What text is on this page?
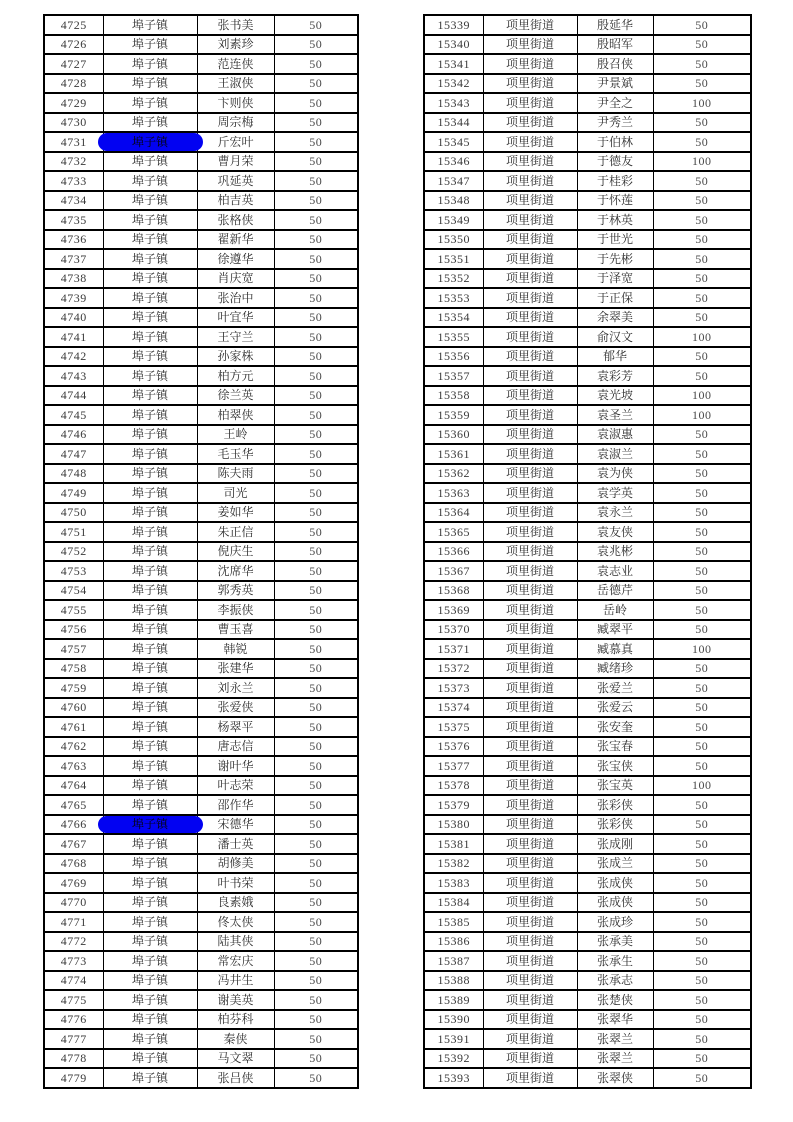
4725	埠子镇	张书美	50
4726	埠子镇	刘素珍	50
4727	埠子镇	范连侠	50
4728	埠子镇	王淑侠	50
4729	埠子镇	卞则侠	50
4730	埠子镇	周宗梅	50
4731	埠子镇	斤宏叶	50
4732	埠子镇	曹月荣	50
4733	埠子镇	巩延英	50
4734	埠子镇	柏吉英	50
4735	埠子镇	张格侠	50
4736	埠子镇	翟新华	50
4737	埠子镇	徐遵华	50
4738	埠子镇	肖庆宽	50
4739	埠子镇	张治中	50
4740	埠子镇	叶宜华	50
4741	埠子镇	王守兰	50
4742	埠子镇	孙家株	50
4743	埠子镇	柏方元	50
4744	埠子镇	徐兰英	50
4745	埠子镇	柏翠侠	50
4746	埠子镇	王岭	50
4747	埠子镇	毛玉华	50
4748	埠子镇	陈夫雨	50
4749	埠子镇	司光	50
4750	埠子镇	姜如华	50
4751	埠子镇	朱正信	50
4752	埠子镇	倪庆生	50
4753	埠子镇	沈席华	50
4754	埠子镇	郭秀英	50
4755	埠子镇	李振侠	50
4756	埠子镇	曹玉喜	50
4757	埠子镇	韩锐	50
4758	埠子镇	张建华	50
4759	埠子镇	刘永兰	50
4760	埠子镇	张爱侠	50
4761	埠子镇	杨翠平	50
4762	埠子镇	唐志信	50
4763	埠子镇	谢叶华	50
4764	埠子镇	叶志荣	50
4765	埠子镇	邵作华	50
4766	埠子镇	宋德华	50
4767	埠子镇	潘士英	50
4768	埠子镇	胡修美	50
4769	埠子镇	叶书荣	50
4770	埠子镇	良素娥	50
4771	埠子镇	佟太侠	50
4772	埠子镇	陆其侠	50
4773	埠子镇	常宏庆	50
4774	埠子镇	冯井生	50
4775	埠子镇	谢美英	50
4776	埠子镇	柏芬科	50
4777	埠子镇	秦侠	50
4778	埠子镇	马文翠	50
4779	埠子镇	张吕侠	50
15339	项里街道	殷延华	50
15340	项里街道	殷昭军	50
15341	项里街道	殷召侠	50
15342	项里街道	尹景斌	50
15343	项里街道	尹全之	100
15344	项里街道	尹秀兰	50
15345	项里街道	于伯林	50
15346	项里街道	于德友	100
15347	项里街道	于桂彩	50
15348	项里街道	于怀莲	50
15349	项里街道	于林英	50
15350	项里街道	于世光	50
15351	项里街道	于先彬	50
15352	项里街道	于泽宽	50
15353	项里街道	于正保	50
15354	项里街道	余翠美	50
15355	项里街道	俞汉文	100
15356	项里街道	郁华	50
15357	项里街道	袁彩芳	50
15358	项里街道	袁光坡	100
15359	项里街道	袁圣兰	100
15360	项里街道	袁淑惠	50
15361	项里街道	袁淑兰	50
15362	项里街道	袁为侠	50
15363	项里街道	袁学英	50
15364	项里街道	袁永兰	50
15365	项里街道	袁友侠	50
15366	项里街道	袁兆彬	50
15367	项里街道	袁志业	50
15368	项里街道	岳德芹	50
15369	项里街道	岳岭	50
15370	项里街道	臧翠平	50
15371	项里街道	臧慕真	100
15372	项里街道	臧绪珍	50
15373	项里街道	张爱兰	50
15374	项里街道	张爱云	50
15375	项里街道	张安奎	50
15376	项里街道	张宝春	50
15377	项里街道	张宝侠	50
15378	项里街道	张宝英	100
15379	项里街道	张彩侠	50
15380	项里街道	张彩侠	50
15381	项里街道	张成刚	50
15382	项里街道	张成兰	50
15383	项里街道	张成侠	50
15384	项里街道	张成侠	50
15385	项里街道	张成珍	50
15386	项里街道	张承美	50
15387	项里街道	张承生	50
15388	项里街道	张承志	50
15389	项里街道	张楚侠	50
15390	项里街道	张翠华	50
15391	项里街道	张翠兰	50
15392	项里街道	张翠兰	50
15393	项里街道	张翠侠	50
